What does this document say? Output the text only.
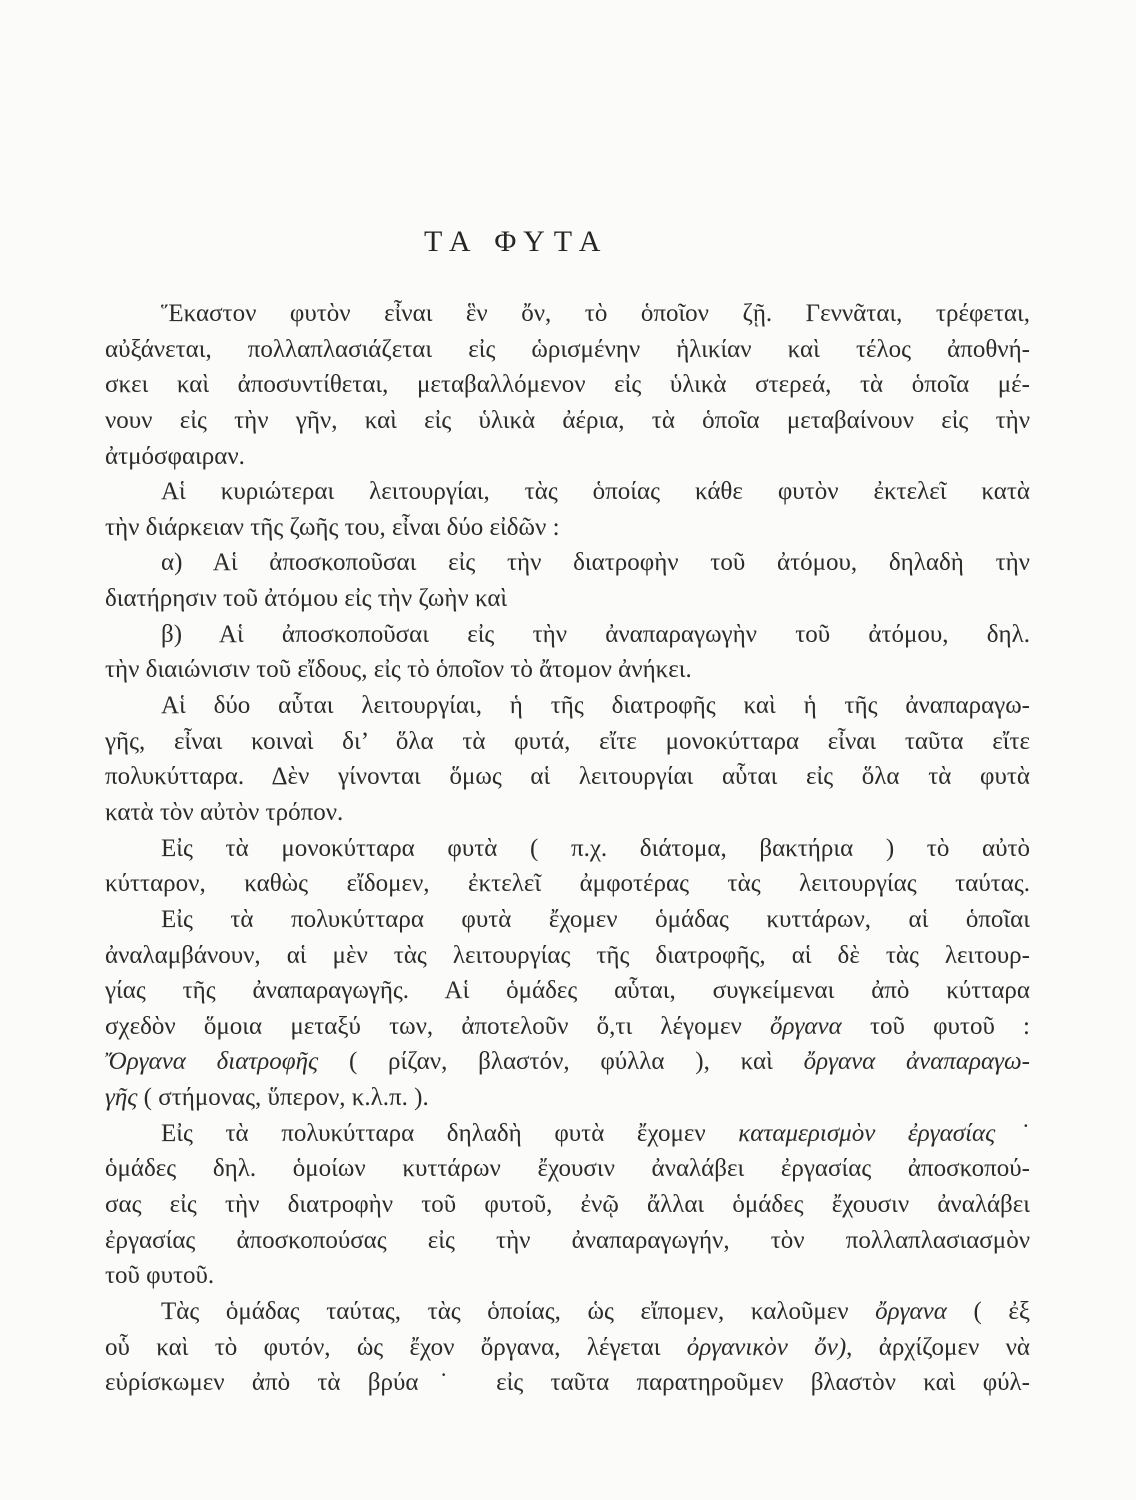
ΤΑ ΦΥΤΑ
Ἕκαστον φυτὸν εἶναι ἓν ὄν, τὸ ὁποῖον ζῇ. Γεννᾶται, τρέφεται,
αὐξάνεται, πολλαπλασιάζεται εἰς ὡρισμένην ἡλικίαν καὶ τέλος ἀποθνή-
σκει καὶ ἀποσυντίθεται, μεταβαλλόμενον εἰς ὑλικὰ στερεά, τὰ ὁποῖα μέ-
νουν εἰς τὴν γῆν, καὶ εἰς ὑλικὰ ἀέρια, τὰ ὁποῖα μεταβαίνουν εἰς τὴν
ἀτμόσφαιραν.
Αἱ κυριώτεραι λειτουργίαι, τὰς ὁποίας κάθε φυτὸν ἐκτελεῖ κατὰ
τὴν διάρκειαν τῆς ζωῆς του, εἶναι δύο εἰδῶν :
α) Αἱ ἀποσκοποῦσαι εἰς τὴν διατροφὴν τοῦ ἀτόμου, δηλαδὴ τὴν
διατήρησιν τοῦ ἀτόμου εἰς τὴν ζωὴν καὶ
β) Αἱ ἀποσκοποῦσαι εἰς τὴν ἀναπαραγωγὴν τοῦ ἀτόμου, δηλ.
τὴν διαιώνισιν τοῦ εἴδους, εἰς τὸ ὁποῖον τὸ ἄτομον ἀνήκει.
Αἱ δύο αὗται λειτουργίαι, ἡ τῆς διατροφῆς καὶ ἡ τῆς ἀναπαραγω-
γῆς, εἶναι κοιναὶ δι’ ὅλα τὰ φυτά, εἴτε μονοκύτταρα εἶναι ταῦτα εἴτε
πολυκύτταρα. Δὲν γίνονται ὅμως αἱ λειτουργίαι αὗται εἰς ὅλα τὰ φυτὰ
κατὰ τὸν αὐτὸν τρόπον.
Εἰς τὰ μονοκύτταρα φυτὰ ( π.χ. διάτομα, βακτήρια ) τὸ αὐτὸ
κύτταρον, καθὼς εἴδομεν, ἐκτελεῖ ἀμφοτέρας τὰς λειτουργίας ταύτας.
Εἰς τὰ πολυκύτταρα φυτὰ ἔχομεν ὁμάδας κυττάρων, αἱ ὁποῖαι
ἀναλαμβάνουν, αἱ μὲν τὰς λειτουργίας τῆς διατροφῆς, αἱ δὲ τὰς λειτουρ-
γίας τῆς ἀναπαραγωγῆς. Αἱ ὁμάδες αὗται, συγκείμεναι ἀπὸ κύτταρα
σχεδὸν ὅμοια μεταξύ των, ἀποτελοῦν ὅ,τι λέγομεν ὄργανα τοῦ φυτοῦ :
Ὄργανα διατροφῆς ( ρίζαν, βλαστόν, φύλλα ), καὶ ὄργανα ἀναπαραγω-
γῆς ( στήμονας, ὕπερον, κ.λ.π. ).
Εἰς τὰ πολυκύτταρα δηλαδὴ φυτὰ ἔχομεν καταμερισμὸν ἐργασίας˙
ὁμάδες δηλ. ὁμοίων κυττάρων ἔχουσιν ἀναλάβει ἐργασίας ἀποσκοπού-
σας εἰς τὴν διατροφὴν τοῦ φυτοῦ, ἐνῷ ἄλλαι ὁμάδες ἔχουσιν ἀναλάβει
ἐργασίας ἀποσκοπούσας εἰς τὴν ἀναπαραγωγήν, τὸν πολλαπλασιασμὸν
τοῦ φυτοῦ.
Τὰς ὁμάδας ταύτας, τὰς ὁποίας, ὡς εἴπομεν, καλοῦμεν ὄργανα ( ἐξ
οὗ καὶ τὸ φυτόν, ὡς ἔχον ὄργανα, λέγεται ὀργανικὸν ὄν), ἀρχίζομεν νὰ
εὑρίσκωμεν ἀπὸ τὰ βρύα˙ εἰς ταῦτα παρατηροῦμεν βλαστὸν καὶ φύλ-
